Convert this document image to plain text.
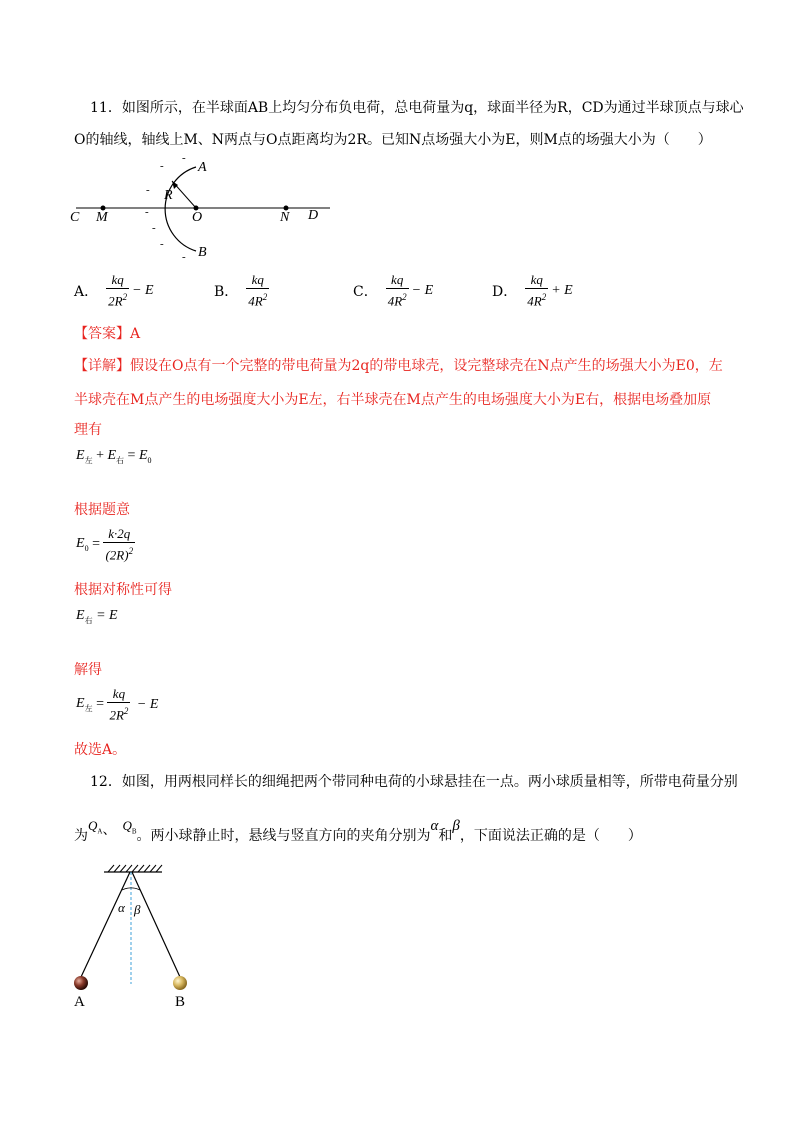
11．如图所示，在半球面AB上均匀分布负电荷，总电荷量为q，球面半径为R，CD为通过半球顶点与球心
O的轴线，轴线上M、N两点与O点距离均为2R。已知N点场强大小为E，则M点的场强大小为（　　）
C M	O	N D
A
B
R
-
-
-
-
-
-
-
A． $\frac{kq}{2R^2} - E$	B． $\frac{kq}{4R^2}$	C． $\frac{kq}{4R^2} - E$	D． $\frac{kq}{4R^2} + E$
【答案】A
【详解】假设在O点有一个完整的带电荷量为2q的带电球壳，设完整球壳在N点产生的场强大小为E0，左
半球壳在M点产生的电场强度大小为E左，右半球壳在M点产生的电场强度大小为E右，根据电场叠加原
理有
$E_左 + E_右 = E_0$
根据题意
$E_0 = \frac{k\cdot 2q}{(2R)^2}$
根据对称性可得
$E_右 = E$
解得
$E_左 = \frac{kq}{2R^2} - E$
故选A。
12．如图，用两根同样长的细绳把两个带同种电荷的小球悬挂在一点。两小球质量相等，所带电荷量分别
为$Q_A$、 $Q_B$。两小球静止时，悬线与竖直方向的夹角分别为α和β，下面说法正确的是（　　）
α β
A	B
